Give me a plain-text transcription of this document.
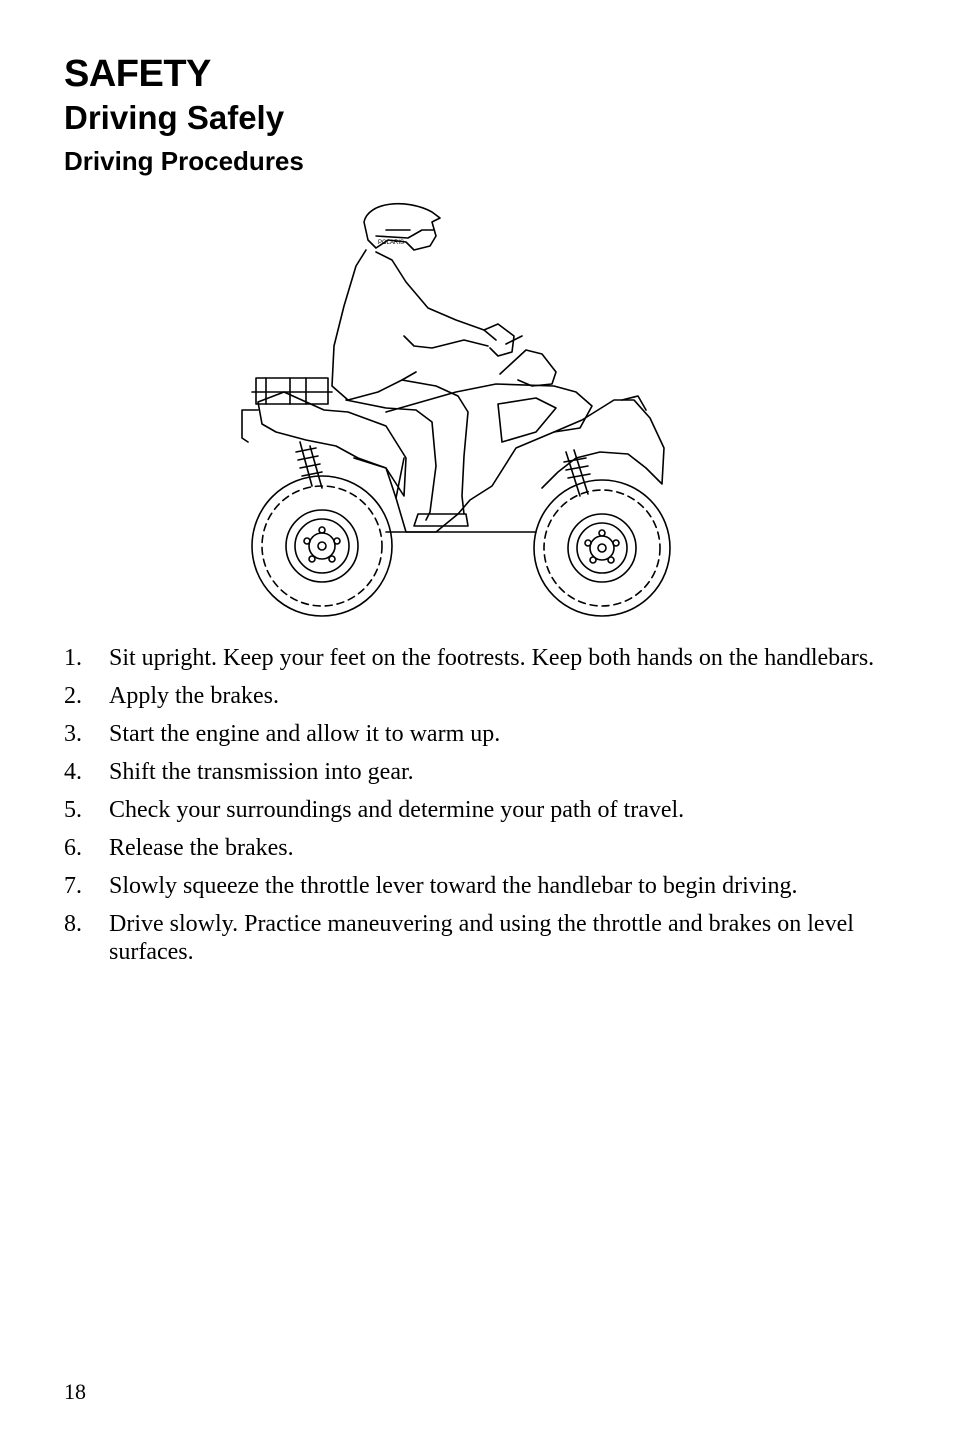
SAFETY
Driving Safely
Driving Procedures
POLARIS
1.	Sit upright. Keep your feet on the footrests. Keep both hands on the handlebars.
2.	Apply the brakes.
3.	Start the engine and allow it to warm up.
4.	Shift the transmission into gear.
5.	Check your surroundings and determine your path of travel.
6.	Release the brakes.
7.	Slowly squeeze the throttle lever toward the handlebar to begin driving.
8.	Drive slowly. Practice maneuvering and using the throttle and brakes on level surfaces.
18
